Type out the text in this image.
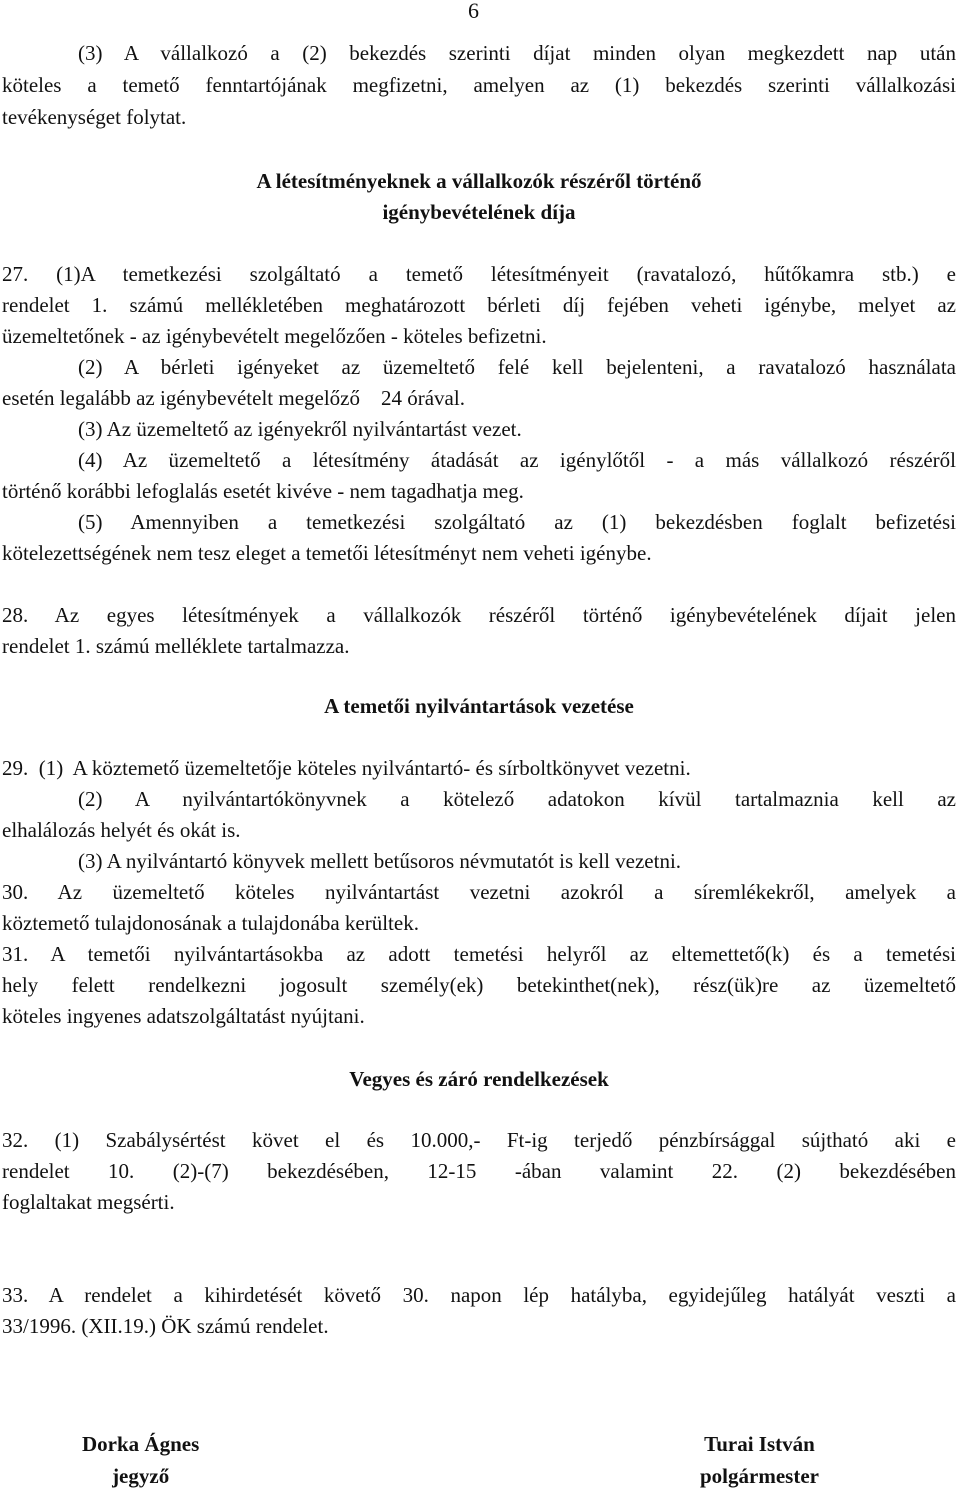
6
(3) A vállalkozó a (2) bekezdés szerinti díjat minden olyan megkezdett nap után
köteles a temető fenntartójának megfizetni, amelyen az (1) bekezdés szerinti vállalkozási
tevékenységet folytat.
A létesítményeknek a vállalkozók részéről történő
igénybevételének díja
27. (1)A temetkezési szolgáltató a temető létesítményeit (ravatalozó, hűtőkamra stb.) e
rendelet 1. számú mellékletében meghatározott bérleti díj fejében veheti igénybe, melyet az
üzemeltetőnek - az igénybevételt megelőzően - köteles befizetni.
(2) A bérleti igényeket az üzemeltető felé kell bejelenteni, a ravatalozó használata
esetén legalább az igénybevételt megelőző    24 órával.
(3) Az üzemeltető az igényekről nyilvántartást vezet.
(4) Az üzemeltető a létesítmény átadását az igénylőtől - a más vállalkozó részéről
történő korábbi lefoglalás esetét kivéve - nem tagadhatja meg.
(5) Amennyiben a temetkezési szolgáltató az (1) bekezdésben foglalt befizetési
kötelezettségének nem tesz eleget a temetői létesítményt nem veheti igénybe.
28. Az egyes létesítmények a vállalkozók részéről történő igénybevételének díjait jelen
rendelet 1. számú melléklete tartalmazza.
A temetői nyilvántartások vezetése
29.  (1)  A köztemető üzemeltetője köteles nyilvántartó- és sírboltkönyvet vezetni.
(2) A nyilvántartókönyvnek a kötelező adatokon kívül tartalmaznia kell az
elhalálozás helyét és okát is.
(3) A nyilvántartó könyvek mellett betűsoros névmutatót is kell vezetni.
30. Az üzemeltető köteles nyilvántartást vezetni azokról a síremlékekről, amelyek a
köztemető tulajdonosának a tulajdonába kerültek.
31. A temetői nyilvántartásokba az adott temetési helyről az eltemettető(k) és a temetési
hely felett rendelkezni jogosult személy(ek) betekinthet(nek), rész(ük)re az üzemeltető
köteles ingyenes adatszolgáltatást nyújtani.
Vegyes és záró rendelkezések
32. (1) Szabálysértést követ el és 10.000,- Ft-ig terjedő pénzbírsággal sújtható aki e
rendelet 10. (2)-(7) bekezdésében, 12-15 -ában valamint 22. (2) bekezdésében
foglaltakat megsérti.
33. A rendelet a kihirdetését követő 30. napon lép hatályba, egyidejűleg hatályát veszti a
33/1996. (XII.19.) ÖK számú rendelet.
Dorka Ágnes
jegyző
Turai István
polgármester
